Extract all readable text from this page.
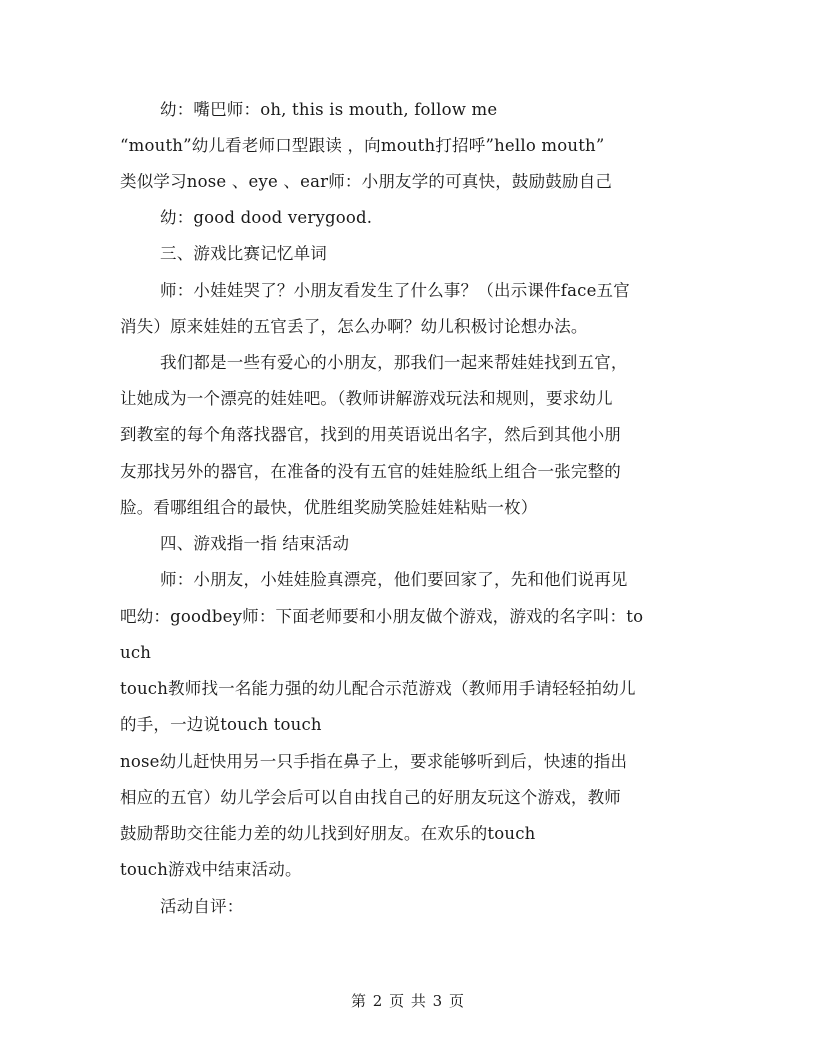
幼：嘴巴师：oh, this is mouth, follow me
“mouth”幼儿看老师口型跟读 ，向mouth打招呼”hello mouth”
类似学习nose 、eye 、ear师：小朋友学的可真快，鼓励鼓励自己
幼：good dood verygood.
三、游戏比赛记忆单词
师：小娃娃哭了？小朋友看发生了什么事？（出示课件face五官
消失）原来娃娃的五官丢了，怎么办啊？幼儿积极讨论想办法。
我们都是一些有爱心的小朋友，那我们一起来帮娃娃找到五官，
让她成为一个漂亮的娃娃吧。（教师讲解游戏玩法和规则，要求幼儿
到教室的每个角落找器官，找到的用英语说出名字，然后到其他小朋
友那找另外的器官，在准备的没有五官的娃娃脸纸上组合一张完整的
脸。看哪组组合的最快，优胜组奖励笑脸娃娃粘贴一枚）
四、游戏指一指 结束活动
师：小朋友，小娃娃脸真漂亮，他们要回家了，先和他们说再见
吧幼：goodbey师：下面老师要和小朋友做个游戏，游戏的名字叫：to
uch
touch教师找一名能力强的幼儿配合示范游戏（教师用手请轻轻拍幼儿
的手，一边说touch touch
nose幼儿赶快用另一只手指在鼻子上，要求能够听到后，快速的指出
相应的五官）幼儿学会后可以自由找自己的好朋友玩这个游戏，教师
鼓励帮助交往能力差的幼儿找到好朋友。在欢乐的touch
touch游戏中结束活动。
活动自评：
第 2 页 共 3 页
